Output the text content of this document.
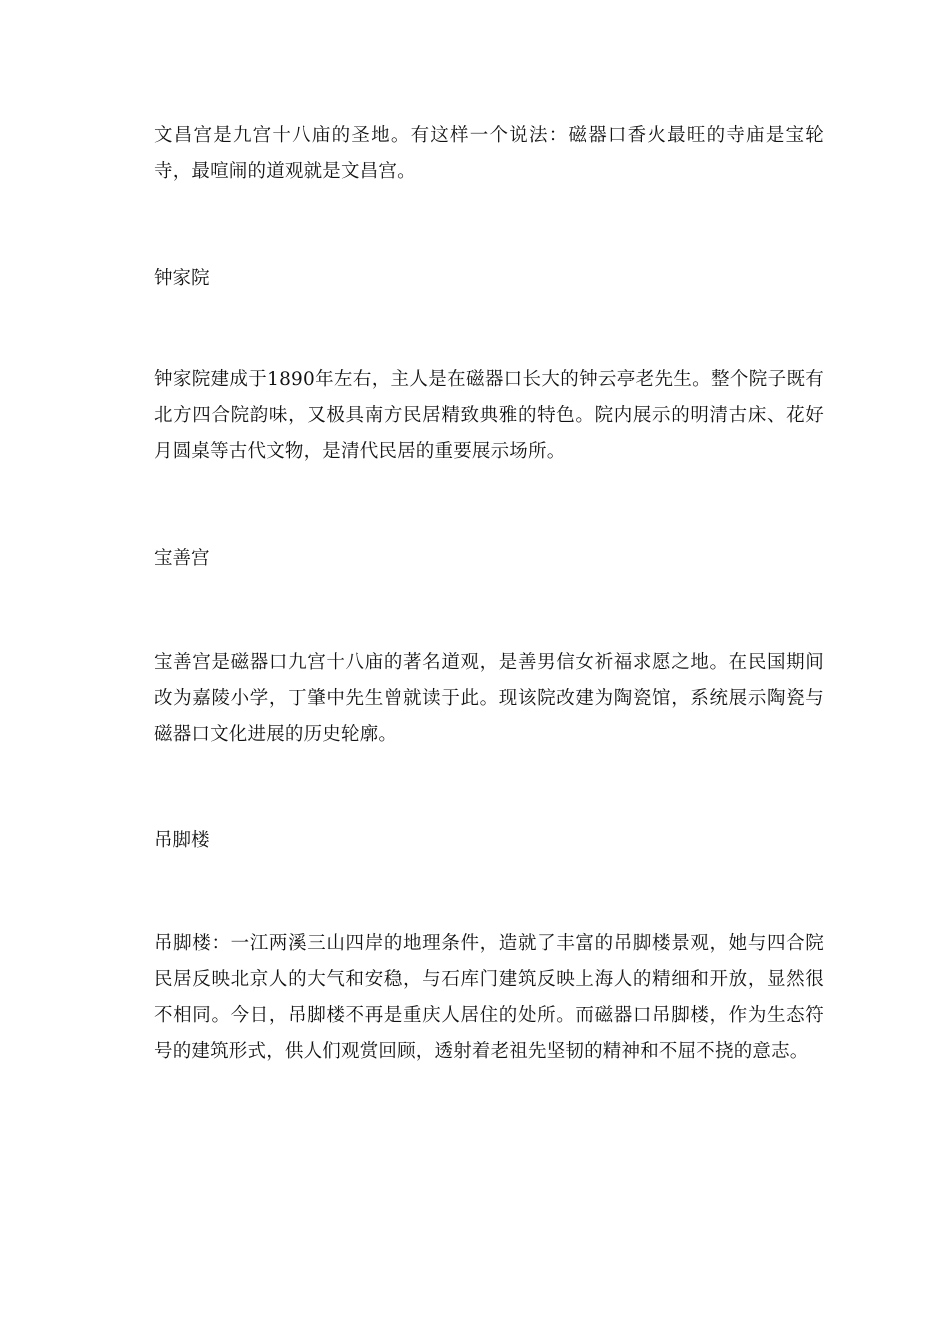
文昌宫是九宫十八庙的圣地。有这样一个说法：磁器口香火最旺的寺庙是宝轮寺，最喧闹的道观就是文昌宫。

钟家院

钟家院建成于1890年左右，主人是在磁器口长大的钟云亭老先生。整个院子既有北方四合院韵味，又极具南方民居精致典雅的特色。院内展示的明清古床、花好月圆桌等古代文物，是清代民居的重要展示场所。

宝善宫

宝善宫是磁器口九宫十八庙的著名道观，是善男信女祈福求愿之地。在民国期间改为嘉陵小学，丁肇中先生曾就读于此。现该院改建为陶瓷馆，系统展示陶瓷与磁器口文化进展的历史轮廓。

吊脚楼

吊脚楼：一江两溪三山四岸的地理条件，造就了丰富的吊脚楼景观，她与四合院民居反映北京人的大气和安稳，与石库门建筑反映上海人的精细和开放，显然很不相同。今日，吊脚楼不再是重庆人居住的处所。而磁器口吊脚楼，作为生态符号的建筑形式，供人们观赏回顾，透射着老祖先坚韧的精神和不屈不挠的意志。
